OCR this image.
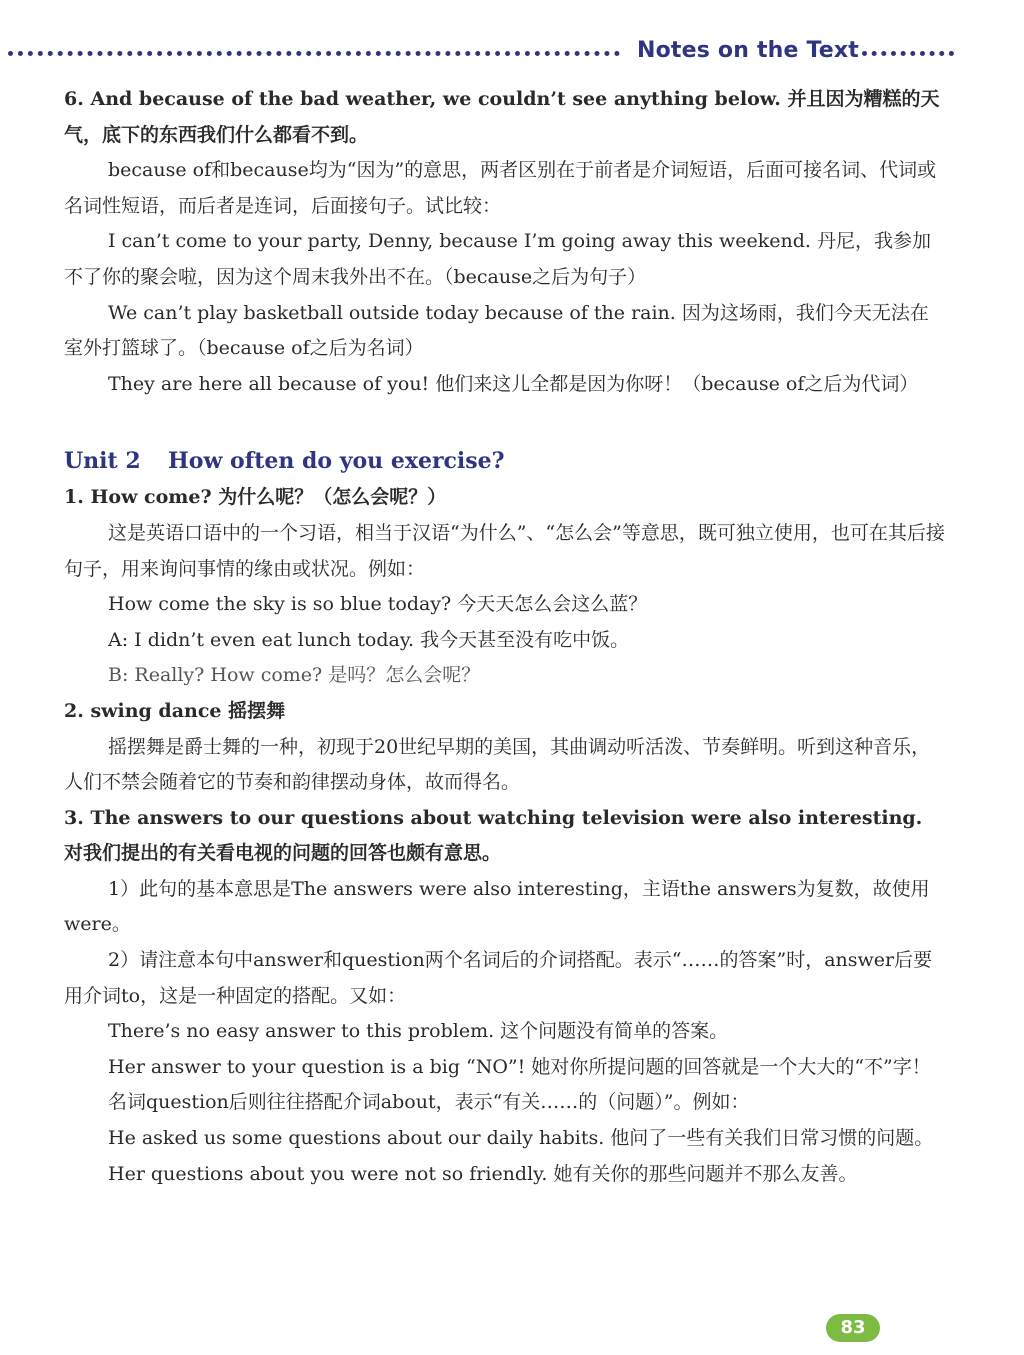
Notes on the Text

6. And because of the bad weather, we couldn’t see anything below. 并且因为糟糕的天气，底下的东西我们什么都看不到。

because of和because均为“因为”的意思，两者区别在于前者是介词短语，后面可接名词、代词或名词性短语，而后者是连词，后面接句子。试比较：

I can’t come to your party, Denny, because I’m going away this weekend. 丹尼，我参加不了你的聚会啦，因为这个周末我外出不在。（because之后为句子）

We can’t play basketball outside today because of the rain. 因为这场雨，我们今天无法在室外打篮球了。（because of之后为名词）

They are here all because of you! 他们来这儿全都是因为你呀！（because of之后为代词）

Unit 2 How often do you exercise?

1. How come? 为什么呢？（怎么会呢？）

这是英语口语中的一个习语，相当于汉语“为什么”、“怎么会”等意思，既可独立使用，也可在其后接句子，用来询问事情的缘由或状况。例如：

How come the sky is so blue today? 今天天怎么会这么蓝？

A: I didn’t even eat lunch today. 我今天甚至没有吃中饭。

B: Really? How come? 是吗？怎么会呢？

2. swing dance 摇摆舞

摇摆舞是爵士舞的一种，初现于20世纪早期的美国，其曲调动听活泼、节奏鲜明。听到这种音乐，人们不禁会随着它的节奏和韵律摆动身体，故而得名。

3. The answers to our questions about watching television were also interesting. 对我们提出的有关看电视的问题的回答也颇有意思。

1）此句的基本意思是The answers were also interesting，主语the answers为复数，故使用were。

2）请注意本句中answer和question两个名词后的介词搭配。表示“……的答案”时，answer后要用介词to，这是一种固定的搭配。又如：

There’s no easy answer to this problem. 这个问题没有简单的答案。

Her answer to your question is a big “NO”! 她对你所提问题的回答就是一个大大的“不”字！

名词question后则往往搭配介词about，表示“有关……的（问题）”。例如：

He asked us some questions about our daily habits. 他问了一些有关我们日常习惯的问题。

Her questions about you were not so friendly. 她有关你的那些问题并不那么友善。

83
